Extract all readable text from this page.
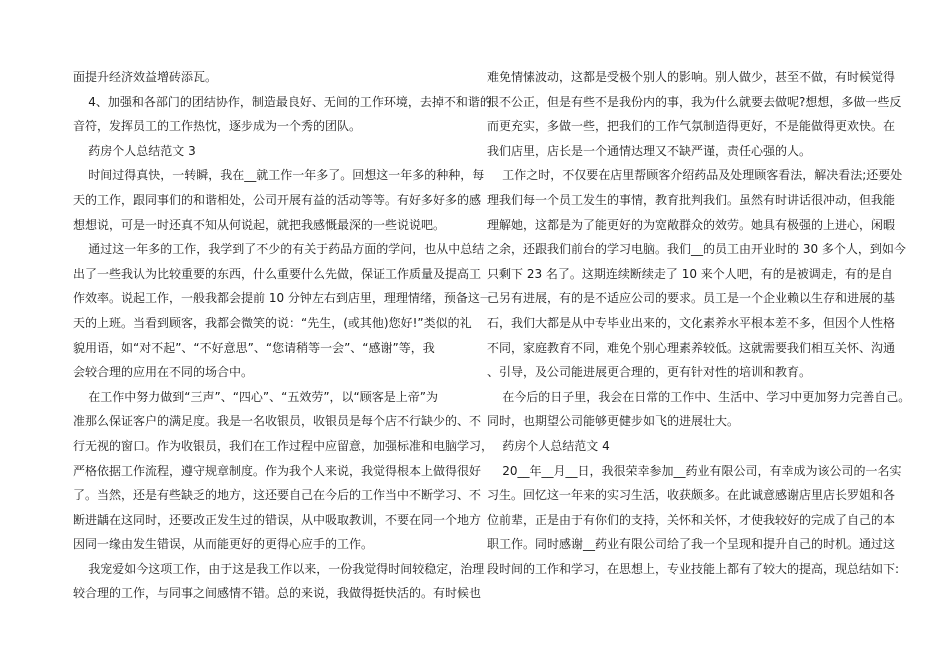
面提升经济效益增砖添瓦。
4、加强和各部门的团结协作，制造最良好、无间的工作环境，去掉不和谐的
音符，发挥员工的工作热忱，逐步成为一个秀的团队。
药房个人总结范文 3
时间过得真快，一转瞬，我在__就工作一年多了。回想这一年多的种种，每
天的工作，跟同事们的和谐相处，公司开展有益的活动等等。有好多好多的感
想想说，可是一时还真不知从何说起，就把我感慨最深的一些说说吧。
通过这一年多的工作，我学到了不少的有关于药品方面的学问，也从中总结
出了一些我认为比较重要的东西，什么重要什么先做，保证工作质量及提高工
作效率。说起工作，一般我都会提前 10 分钟左右到店里，理理情绪，预备这一
天的上班。当看到顾客，我都会微笑的说：“先生，(或其他)您好!”类似的礼
貌用语，如“对不起”、“不好意思”、“您请稍等一会”、“感谢”等，我
会较合理的应用在不同的场合中。
在工作中努力做到“三声”、“四心”、“五效劳”，以“顾客是上帝”为
准那么保证客户的满足度。我是一名收银员，收银员是每个店不行缺少的、不
行无视的窗口。作为收银员，我们在工作过程中应留意，加强标准和电脑学习，
严格依据工作流程，遵守规章制度。作为我个人来说，我觉得根本上做得很好
了。当然，还是有些缺乏的地方，这还要自己在今后的工作当中不断学习、不
断进龋在这同时，还要改正发生过的错误，从中吸取教训，不要在同一个地方
因同一缘由发生错误，从而能更好的更得心应手的工作。
我宠爱如今这项工作，由于这是我工作以来，一份我觉得时间较稳定，治理
较合理的工作，与同事之间感情不错。总的来说，我做得挺快活的。有时候也
难免情愫波动，这都是受极个别人的影响。别人做少，甚至不做，有时候觉得
很不公正，但是有些不是我份内的事，我为什么就要去做呢?想想，多做一些反
而更充实，多做一些，把我们的工作气氛制造得更好，不是能做得更欢快。在
我们店里，店长是一个通情达理又不缺严谨，责任心强的人。
工作之时，不仅要在店里帮顾客介绍药品及处理顾客看法，解决看法;还要处
理我们每一个员工发生的事情，教育批判我们。虽然有时讲话很冲动，但我能
理解她，这都是为了能更好的为宽敞群众的效劳。她具有极强的上进心，闲暇
之余，还跟我们前台的学习电脑。我们__的员工由开业时的 30 多个人，到如今
只剩下 23 名了。这期连续断续走了 10 来个人吧，有的是被调走，有的是自
己另有进展，有的是不适应公司的要求。员工是一个企业赖以生存和进展的基
石，我们大都是从中专毕业出来的，文化素养水平根本差不多，但因个人性格
不同，家庭教育不同，难免个别心理素养较低。这就需要我们相互关怀、沟通
、引导，及公司能进展更合理的，更有针对性的培训和教育。
在今后的日子里，我会在日常的工作中、生活中、学习中更加努力完善自己。
同时，也期望公司能够更健步如飞的进展壮大。
药房个人总结范文 4
20__年__月__日，我很荣幸参加__药业有限公司，有幸成为该公司的一名实
习生。回忆这一年来的实习生活，收获颇多。在此诚意感谢店里店长罗姐和各
位前辈，正是由于有你们的支持，关怀和关怀，才使我较好的完成了自己的本
职工作。同时感谢__药业有限公司给了我一个呈现和提升自己的时机。通过这
段时间的工作和学习，在思想上，专业技能上都有了较大的提高，现总结如下:
